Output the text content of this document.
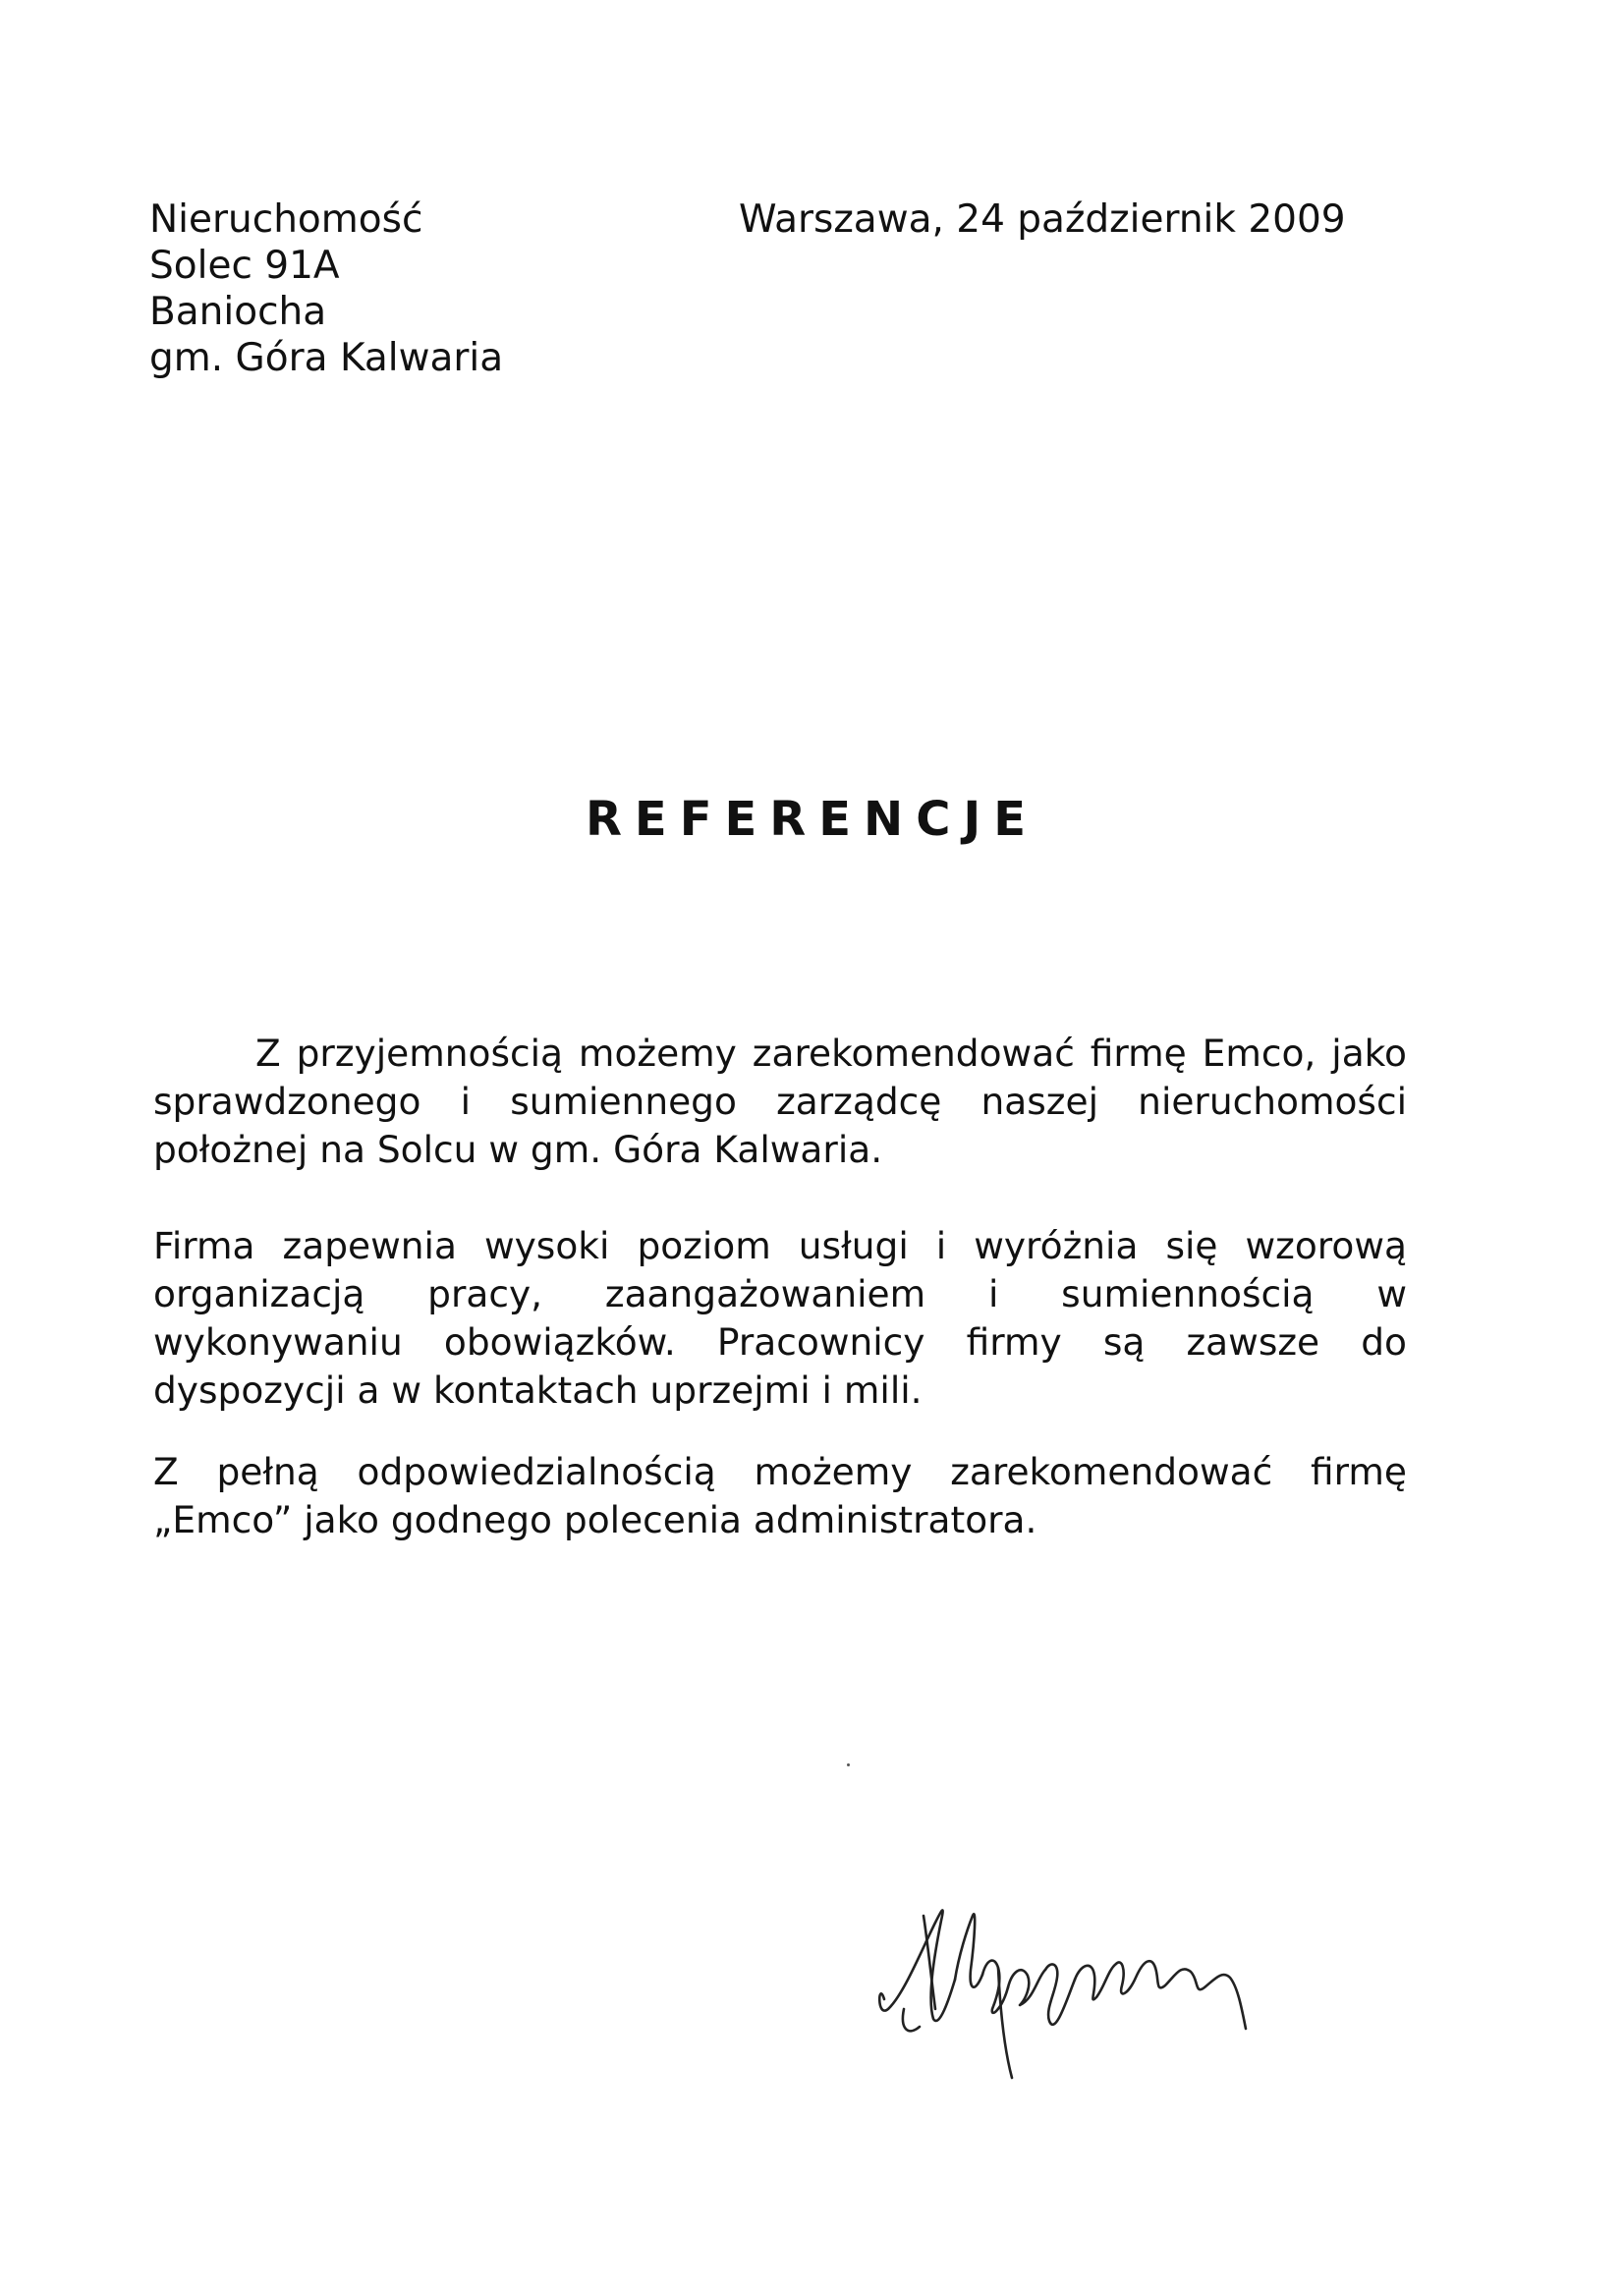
Nieruchomość
Solec 91A
Baniocha
gm. Góra Kalwaria
Warszawa, 24 październik 2009
REFERENCJE

Z przyjemnością możemy zarekomendować firmę Emco, jako sprawdzonego i sumiennego zarządcę naszej nieruchomości położnej na Solcu w gm. Góra Kalwaria.

Firma zapewnia wysoki poziom usługi i wyróżnia się wzorową organizacją pracy, zaangażowaniem i sumiennością w wykonywaniu obowiązków. Pracownicy firmy są zawsze do dyspozycji a w kontaktach uprzejmi i mili.

Z pełną odpowiedzialnością możemy zarekomendować firmę „Emco” jako godnego polecenia administratora.
